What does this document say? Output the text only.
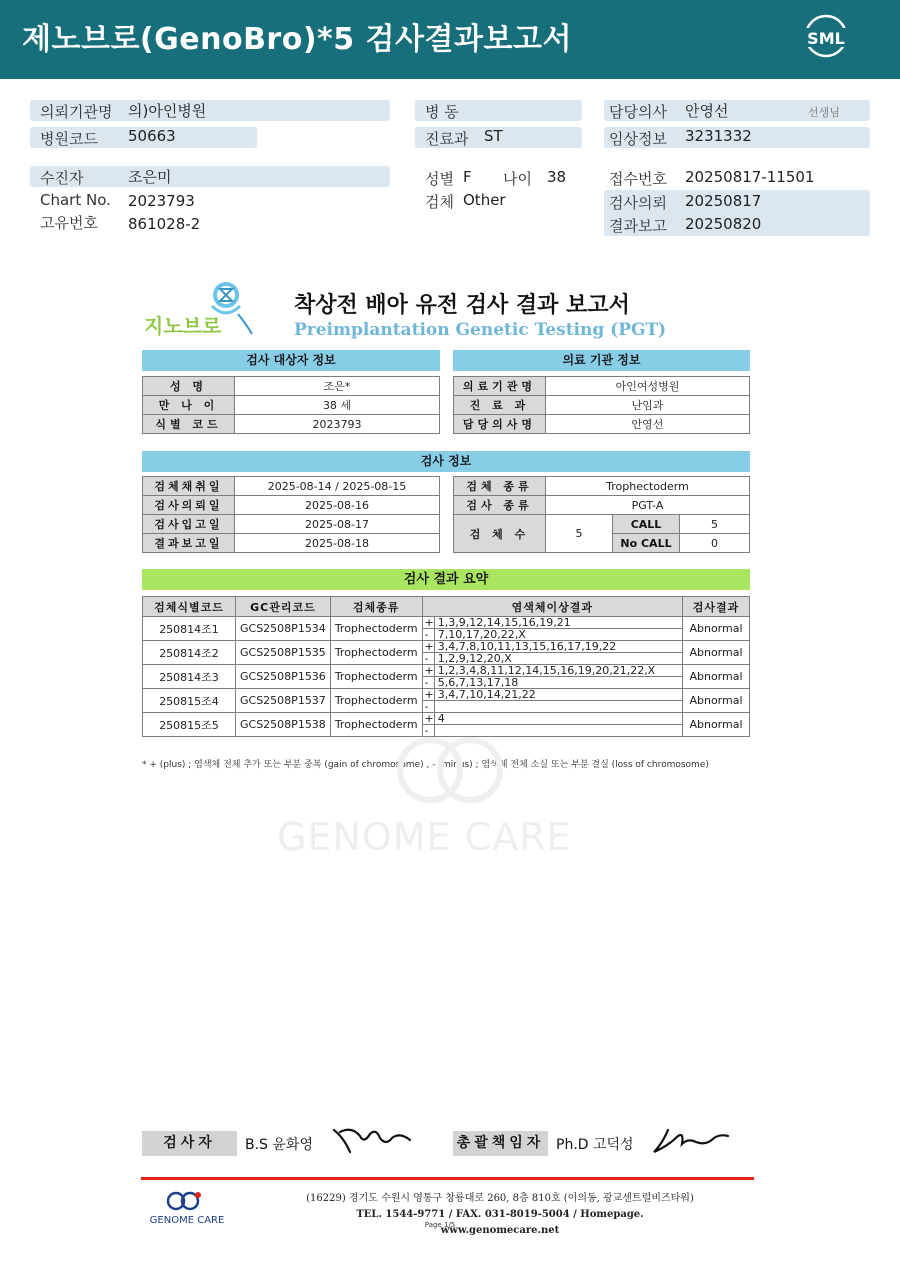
제노브로(GenoBro)*5 검사결과보고서	SML
의뢰기관명 의)아인병원
병원코드 50663
수진자	조은미
Chart No. 2023793
고유번호 861028-2
병 동
진료과 ST
성별 F 나이 38
검체 Other
담당의사 안영선	선생님
임상정보 3231332
접수번호 20250817-11501
검사의뢰 20250817
결과보고 20250820
지노브로
착상전 배아 유전 검사 결과 보고서
Preimplantation Genetic Testing (PGT)
검사 대상자 정보	의료 기관 정보
성 명	조은*
만 나 이	38 세
식별 코드	2023793
의료기관명	아인여성병원
진 료 과	난임과
담당의사명	안영선
검사 정보
검체채취일	2025-08-14 / 2025-08-15
검사의뢰일	2025-08-16
검사입고일	2025-08-17
결과보고일	2025-08-18
검체 종류	Trophectoderm		
검사 종류	PGT-A		
검 체 수	5	CALL	5
		No CALL	0
검사 결과 요약
검체식별코드	GC관리코드	검체종류	염색체이상결과		검사결과
250814조1	GCS2508P1534	Trophectoderm	+	1,3,9,12,14,15,16,19,21	Abnormal
			-	7,10,17,20,22,X	
250814조2	GCS2508P1535	Trophectoderm	+	3,4,7,8,10,11,13,15,16,17,19,22	Abnormal
			-	1,2,9,12,20,X	
250814조3	GCS2508P1536	Trophectoderm	+	1,2,3,4,8,11,12,14,15,16,19,20,21,22,X	Abnormal
			-	5,6,7,13,17,18	
250815조4	GCS2508P1537	Trophectoderm	+	3,4,7,10,14,21,22	Abnormal
			-		
250815조5	GCS2508P1538	Trophectoderm	+	4	Abnormal
			-		
* + (plus) ; 염색체 전체 추가 또는 부분 중복 (gain of chromosome) , - (minus) ; 염색체 전체 소실 또는 부분 결실 (loss of chromosome)
GENOME CARE
검사자	B.S 윤화영	총괄책임자 Ph.D 고덕성
GENOME CARE
(16229) 경기도 수원시 영통구 창룡대로 260, 8층 810호 (이의동, 광교센트럴비즈타워)
TEL. 1544-9771 / FAX. 031-8019-5004 / Homepage. www.genomecare.net
Page 1/5
